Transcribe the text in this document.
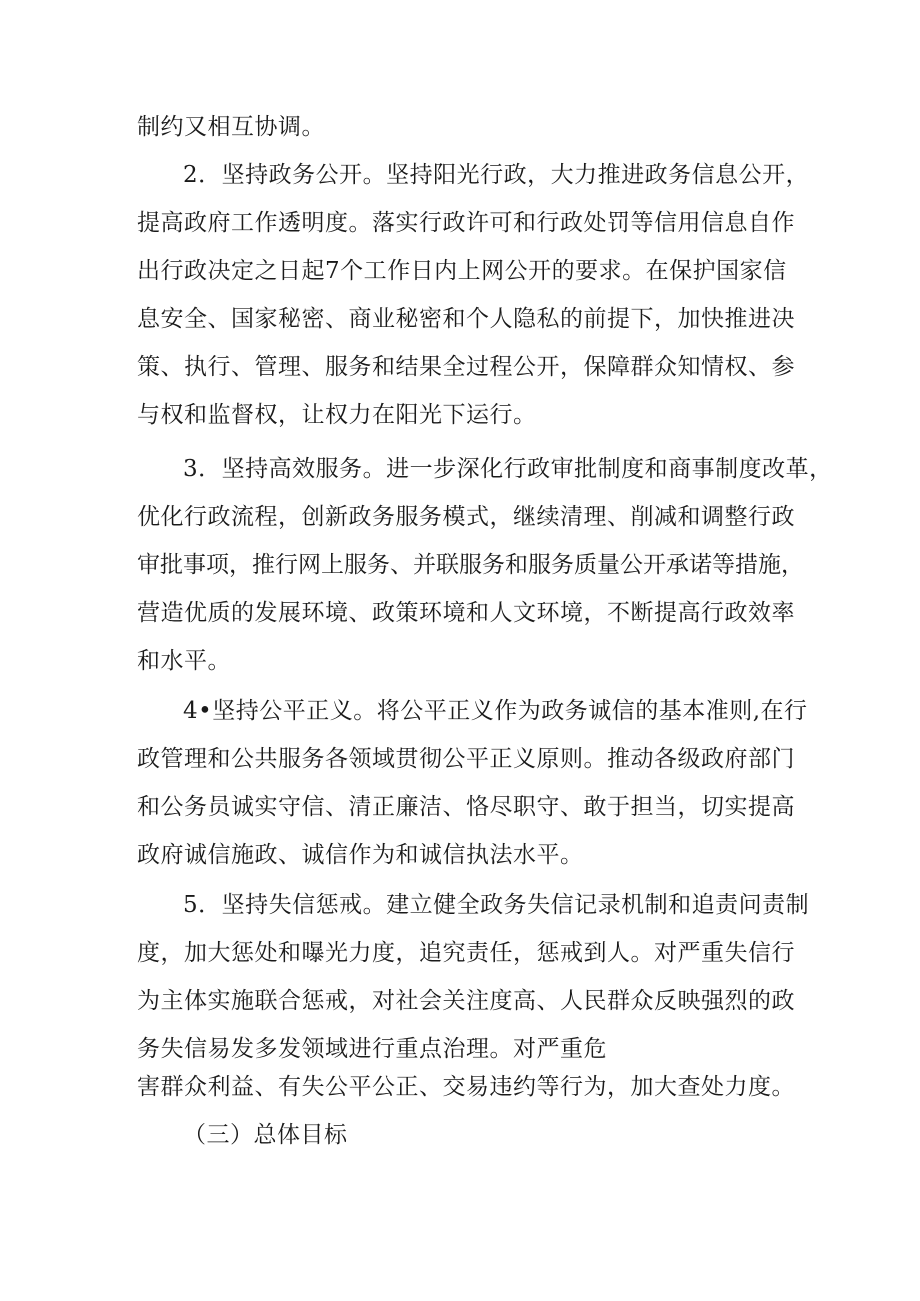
制约又相互协调。
2．坚持政务公开。坚持阳光行政，大力推进政务信息公开，
提高政府工作透明度。落实行政许可和行政处罚等信用信息自作
出行政决定之日起7个工作日内上网公开的要求。在保护国家信
息安全、国家秘密、商业秘密和个人隐私的前提下，加快推进决
策、执行、管理、服务和结果全过程公开，保障群众知情权、参
与权和监督权，让权力在阳光下运行。
3．坚持高效服务。进一步深化行政审批制度和商事制度改革，
优化行政流程，创新政务服务模式，继续清理、削减和调整行政
审批事项，推行网上服务、并联服务和服务质量公开承诺等措施，
营造优质的发展环境、政策环境和人文环境，不断提高行政效率
和水平。
4•坚持公平正义。将公平正义作为政务诚信的基本准则,在行
政管理和公共服务各领域贯彻公平正义原则。推动各级政府部门
和公务员诚实守信、清正廉洁、恪尽职守、敢于担当，切实提高
政府诚信施政、诚信作为和诚信执法水平。
5．坚持失信惩戒。建立健全政务失信记录机制和追责问责制
度，加大惩处和曝光力度，追究责任，惩戒到人。对严重失信行
为主体实施联合惩戒，对社会关注度高、人民群众反映强烈的政
务失信易发多发领域进行重点治理。对严重危
害群众利益、有失公平公正、交易违约等行为，加大查处力度。
（三）总体目标
